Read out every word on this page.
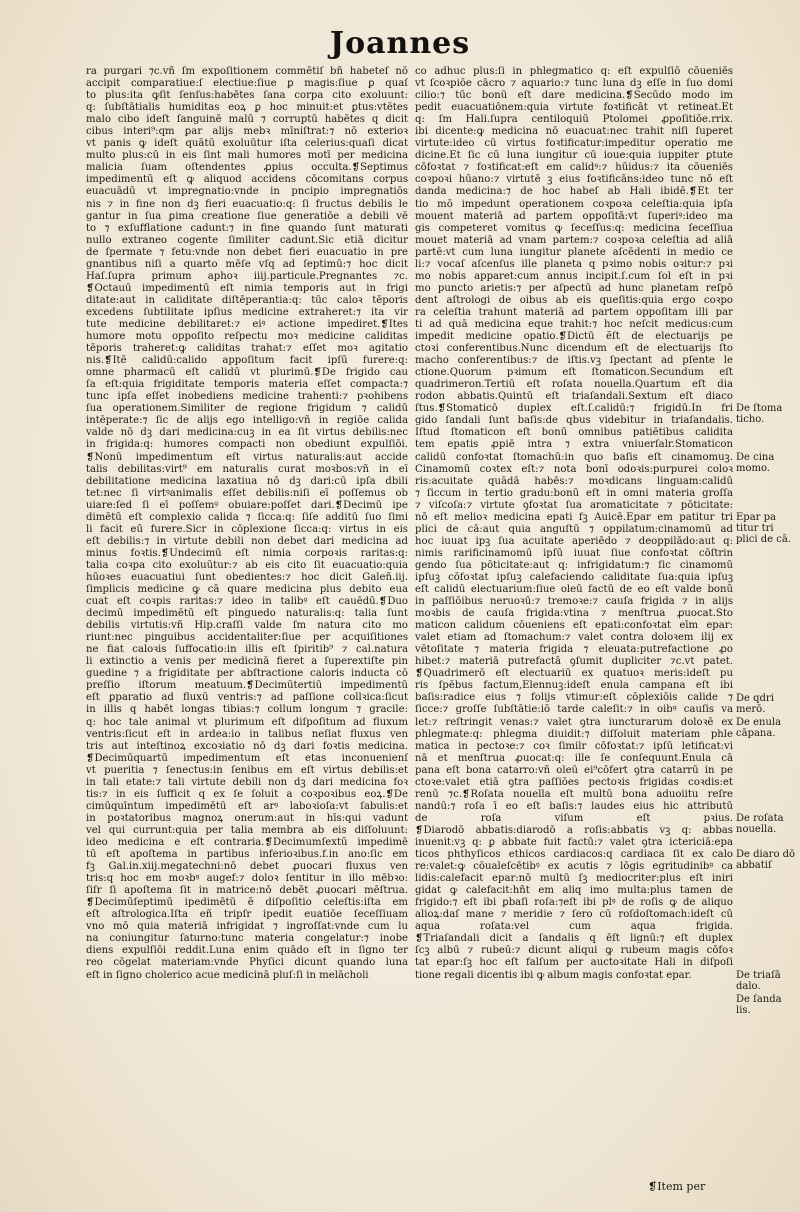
Joannes
ra purgari ⁊c.vñ ſm expoſitionem commētiſ bñ habeteſ nō
accipit comparatiue:ſ electiue:ſiue ꝑ magis:ſiue ꝑ quaſ
to plus:ita ꝙſit ſenſus:habētes ſana corpa cito exoluunt:
q: ſubſtātialis humiditas eoꝝ ꝑ hoc minuit:et ꝑtus:vtētes
malo cibo ideſt ſanguinē malū ⁊ corruptū habētes q dicit
cibus interi⁹:qm ꝑar alijs mebꝛ mīniſtrat:⁊ nō exterioꝛ
vt panis ꝙ ideſt quātū exoluūtur iſta celerius:quaſi dicat
multo plus:cū in eis ſint mali humores motī per medicina
malicia ſuam oſtendentes ꝓpius occulta.❡Septimus
impedimentū eſt ꝙ aliquod accidens cōcomitans corpus
euacuādū vt impregnatio:vnde in pncipio impregnatiōs
nis ⁊ in fine non dꝫ fieri euacuatio:q: ſi fructus debilis le
gantur in ſua ꝑima creatione ſiue generatiōe a debili vē
to ⁊ exſufflatione cadunt:⁊ in fine quando ſunt maturati
nullo extraneo cogente ſimiliter cadunt.Sic etiā dicitur
de ſpermate ⁊ fetu:vnde non debet fieri euacuatio in pre
gnantibus niſi a quarto mēſe vſq ad ſeptimū:⁊ hoc dicit
Haſ.ſupra primum aphoꝛ iiij.particule.Pregnantes ⁊c.
❡Octauū impedimentū eſt nimia temporis aut in frigi
ditate:aut in caliditate diſtēperantia:q: tūc caloꝛ tēporis
excedens ſubtilitate ipſius medicine extraheret:⁊ ita vir
tute medicine debilitaret:⁊ eiꝰ actione impediret.❡Ites
humore motu oppoſito reſpectu moꝛ medicine caliditas
tēporis traheret:ꝙ caliditas trahat:⁊ eſſet moꝛ agitatio
nis.❡Itē calidū:calido appoſitum facit ipſū furere:q:
omne pharmacū eſt calidū vt plurimū.❡De frigido cau
ſa eſt:quia frigiditate temporis materia eſſet compacta:⁊
tunc ipſa eſſet inobediens medicine trahenti:⁊ pꝛohibens
ſua operationem.Similiter de regione frigidum ⁊ calidū
intēperate:⁊ ſic de alijs ego intelligo:vñ in regiōe calida
valde nō dꝫ dari medicina:cuꝫ in ea ſit virtus debilis:nec
in frigida:q: humores compacti non obediunt expulſiōi.
❡Nonū impedimentum eſt virtus naturalis:aut accide
talis debilitas:virt⁹ em naturalis curat moꝛbos:vñ in eī
debilitatione medicina laxatiua nō dꝫ dari:cū ipſa dbili
tet:nec ſi virtꝰanimalis eſſet debilis:niſi eī poſſemus ob
uiare:ſed ſi eī poſſemꝰ obuiare:poſſet dari.❡Decimū ipe
dimētū eſt complexio calida ⁊ ſicca:q: ſiſe additū ſuo ſimi
li facit eū furere.Sicr in cōplexione ſicca:q: virtus in eis
eſt debilis:⁊ in virtute debili non debet dari medicina ad
minus foꝛtis.❡Undecimū eſt nimia corpoꝛis raritas:q:
talia coꝛpa cito exoluūtur:⁊ ab eis cito ſit euacuatio:quia
hūoꝛes euacuatiui ſunt obedientes:⁊ hoc dicit Galeñ.iij.
ſimplicis medicine ꝙ cā quare medicina plus debito eua
cuat eſt coꝛpis raritas:⁊ ideo in talibꝰ eſt cauēdū.❡Duo
decimū impedimētū eſt pinguedo naturalis:q: talia ſunt
debilis virtutis:vñ Hip.craſſi valde ſm natura cito mo
riunt:nec pinguibus accidentaliter:ſiue per acquiſitiones
ne fiat caloꝛis ſuffocatio:in illis eſt ſpiritib⁹ ⁊ cal.natura
li extinctio a venis per medicinā fieret a ſuperextiſte pin
guedine ⁊ a frigiditate per abſtractione caloris inducta cō
preſſio iſtorum meatuum.❡Decimūtertiū impedimentū
eſt ꝑparatio ad fluxū ventris:⁊ ad paſſione collꝛica:ſicut
in illis q habēt longas tibias:⁊ collum longum ⁊ gracile:
q: hoc tale animal vt plurimum eſt diſpoſitum ad fluxum
ventris:ſicut eſt in ardea:io in talibus neſiat fluxus ven
tris aut inteſtinoꝝ excoꝛiatio nō dꝫ dari foꝛtis medicina.
❡Decimūquartū impedimentum eſt etas inconuenienſ
vt pueritia ⁊ ſenectus:in ſenibus em eſt virtus debilis:et
in tali etate:⁊ tali virtute debili non dꝫ dari medicina foꝛ
tis:⁊ in eis ſufficit q ex ſe ſoluit a coꝛpoꝛibus eoꝝ.❡De
cimūquīntum impedimētū eſt arꝰ laboꝛioſa:vt ſabulis:et
in poꝛtatoribus magnoꝝ onerum:aut in hīs:qui vadunt
vel qui currunt:quia per talia membra ab eis diſſoluunt:
ideo medicina e eſt contraria.❡Decimumſextū impedimē
tū eſt apoſtema in partibus inferioꝛibus.f.in ano:ſic em
fꝫ Gal.in.xiij.megatechni:nō debet ꝓuocari fluxus ven
tris:q hoc em moꝛbꝰ augef:⁊ doloꝛ ſentitur in illo mēbꝛo:
ſiſr ſi apoſtema ſit in matrice:nō debēt ꝓuocari mēſtrua.
❡Decimūſeptimū ipedimētū ē diſpoſitio celeſtis:iſta em
eſt aſtrologica.Iſta eñ tripſr ipedit euatiōe ſeceſſiuam
vno mō quia materiā infrigidat ⁊ ingroſſat:vnde cum lu
na coniungitur ſaturno:tunc materia congelatur:⁊ inobe
diens expulſiōi reddit.Luna enim quādo eſt in ſigno ter
reo cōgelat materiam:vnde Phyſici dicunt quando luna
eſt in ſigno cholerico acue medicinā pluſ:ſi in melācholi
co adhuc plus:ſi in phlegmatico q: eſt expulſiō cōueniēs
vt ſcoꝛpiōe cācro ⁊ aquario:⁊ tunc luna dꝫ eſſe in ſuo domi
cilio:⁊ tūc bonū eſt dare medicina.❡Secūdo modo im
pedit euacuatiōnem:quia virtute foꝛtificāt vt retineat.Et
q: ſm Hali.ſupra centiloquiū Ptolomei ꝓpoſitiōe.rrix.
ibi dicente:ꝙ medicina nō euacuat:nec trahit niſi ſuperet
virtute:ideo cū virtus foꝛtificatur:impeditur operatio me
dicine.Et ſic cū luna iungitur cū ioue:quia iuppiter ꝑtute
cōfoꝛtat ⁊ foꝛtificat:eſt em calidꝰ:⁊ hūidus:⁊ ita cōueniēs
coꝛpoꝛi hūano:⁊ virtutē ꝫ eius foꝛtificāns:ideo tunc nō eſt
danda medicina:⁊ de hoc habeſ ab Hali ibidē.❡Et ter
tio mō impedunt operationem coꝛpoꝛa celeſtia:quia ipſa
mouent materiā ad partem oppoſitā:vt ſuperiꝰ:ideo ma
gis competeret vomitus ꝙ ſeceſſus:q: medicina ſeceſſiua
mouet materiā ad vnam partem:⁊ coꝛpoꝛa celeſtia ad aliā
partē:vt cum luna iungitur planete aſcēdenti in medio ce
li:⁊ vocaſ aſcenſus ille planeta q pꝛimo nobis oꝛitur:⁊ pꝛi
mo nobis apparet:cum annus incipit.ſ.cum ſol eſt in pꝛi
mo puncto arietis:⁊ per aſpectū ad hunc planetam reſpō
dent aſtrologi de oibus ab eis queſitis:quia ergo coꝛpo
ra celeſtia trahunt materiā ad partem oppoſitam illi par
ti ad quā medicina eque trahit:⁊ hoc neſcit medicus:cum
impedit medicine opatio.❡Dictū ẽſt de electuarijs pe
ctoꝛi conferentibus.Nunc dicendum eſt de electuarijs ſto
macho conferentibus:⁊ de iſtis.vꝫ ſpectant ad pſente le
ctione.Quorum pꝛimum eſt ſtomaticon.Secundum eſt
quadrimeron.Tertiū eſt roſata nouella.Quartum eſt dia
rodon abbatis.Quintū eſt triaſandali.Sextum eſt diaco
ſtus.❡Stomaticō duplex eſt.ſ.calidū:⁊ frigidū.In fri
gido ſandali ſunt baſis:de qbus videbitur in triaſandalis.
Iſtud ſtomaticon eſt bonū omnibus patiētibus calidita
tem epatis ꝓpiē intra ⁊ extra vniuerſalr.Stomaticon
calidū confoꝛtat ſtomachū:in quo baſis eſt cinamomuꝫ.
Cinamomū coꝛtex eſt:⁊ nota bonī odoꝛis:purpurei coloꝛ
ris:acuitate quādā habēs:⁊ moꝛdicans linguam:calidū
⁊ ſiccum in tertio gradu:bonū eſt in omni materia groſſa
⁊ viſcoſa:⁊ virtute ꝯfoꝛtat ſua aromaticitate ⁊ pōticitate:
nō eſt melioꝛ medicina epati fꝫ Auicē.Epar em patitur tri
plici de cā:aut quia anguſtū ⁊ oppilatum:cinamomū ad
hoc iuuat ipꝫ ſua acuitate aperiēdo ⁊ deoppilādo:aut q:
nimis rarificinamomū ipſū iuuat ſiue confoꝛtat cōſtrin
gendo ſua pōticitate:aut q: infrigidatum:⁊ ſic cinamomū
ipſuꝫ cōfoꝛtat ipſuꝫ calefaciendo caliditate ſua:quia ipſuꝫ
eſt calidū electuarium:ſiue oleū factū de eo eſt valde bonū
in paſſiōibus neruoꝛū:⁊ tremoꝛe:⁊ cauſa frigida ⁊ in alijs
moꝛbis de cauſa frigida:vtina ⁊ menſtrua ꝓuocat.Sto
maticon calidum cōueniens eſt epati:confoꝛtat eīm epar:
valet etiam ad ſtomachum:⁊ valet contra doloꝛem ilij ex
vētoſitate ⁊ materia frigida ⁊ eleuata:putrefactione ꝓo
hibet:⁊ materiā putrefactā ꝯſumit dupliciter ⁊c.vt patet.
❡Quadrimerō eſt electuariū ex quatuoꝛ meris:ideſt pu
ris ſpēbus factum,Elennuꝫ:ideſt enula campana eſt ibi
baſis:radice eius ⁊ folijs vtimur:eſt cōplexiōis calide ⁊
ſicce:⁊ groſſe ſubſtātie:iō tarde caleſit:⁊ in oibꝰ cauſis va
let:⁊ reſtringit venas:⁊ valet ꝯtra iuncturarum doloꝛē ex
phlegmate:q: phlegma diuidit:⁊ diſſoluit materiam phle
matica in pectoꝛe:⁊ coꝛ ſimilr cōfoꝛtat:⁊ ipſū letificat:vi
nā et menſtrua ꝓuocat:q: ille ſe conſequunt.Enula cā
pana eſt bona catarro:vñ oleū ei⁹cōfert ꝯtra catarrū in pe
ctoꝛe:valet etiā ꝯtra paſſiōes pectoꝛis frigidas coꝛdis:et
renū ⁊c.❡Roſata nouella eſt multū bona aduoiitu reſre
nandū:⁊ roſa ī eo eſt baſis:⁊ laudes eius hic attributū
de roſa viſum eſt pꝛius.
❡Diarodō abbatis:diarodō a roſis:abbatis vꝫ q: abbas
inuenit:vꝫ q: ꝑ abbate fuit factū:⁊ valet ꝯtra ictericiā:epa
ticos phthyſicos ethicos cardiacos:q cardiaca ſit ex calo
re:valet:ꝙ cōualeſcētibꝰ ex acutis ⁊ lōgis egritudinibꝰ ca
lidis:calefacit epar:nō multū ſꝫ mediocriter:plus eſt iniri
gidat ꝙ calefacit:hñt em aliq imo multa:plus tamen de
frigido:⁊ eſt ibi ꝑbaſi roſa:⁊eſt ibi plꝰ de roſis ꝙ de aliquo
alioꝝ:daſ mane ⁊ meridie ⁊ ſero cū roſdoſtomach:ideſt cū
aqua roſata:vel cum aqua frigida.
❡Triaſandali dicit a ſandalis q ēſt lignū:⁊ eſt duplex
ſcꝫ albū ⁊ rubeū:⁊ dicunt aliqui ꝙ rubeum magis cōfoꝛ
tat epar:ſꝫ hoc eſt falſum per auctoꝛitate Hali in diſpoſi
tione regali dicentis ibi ꝙ album magis confoꝛtat epar.
De ſtoma ticho.
De cina momo.
Epar pa titur tri plici de cā.
De qdri merō.
De enula cāpana.
De roſata nouella.
De diaro dō abbatiſ
De triaſā dalo.
De ſanda lis.
❡Item per
